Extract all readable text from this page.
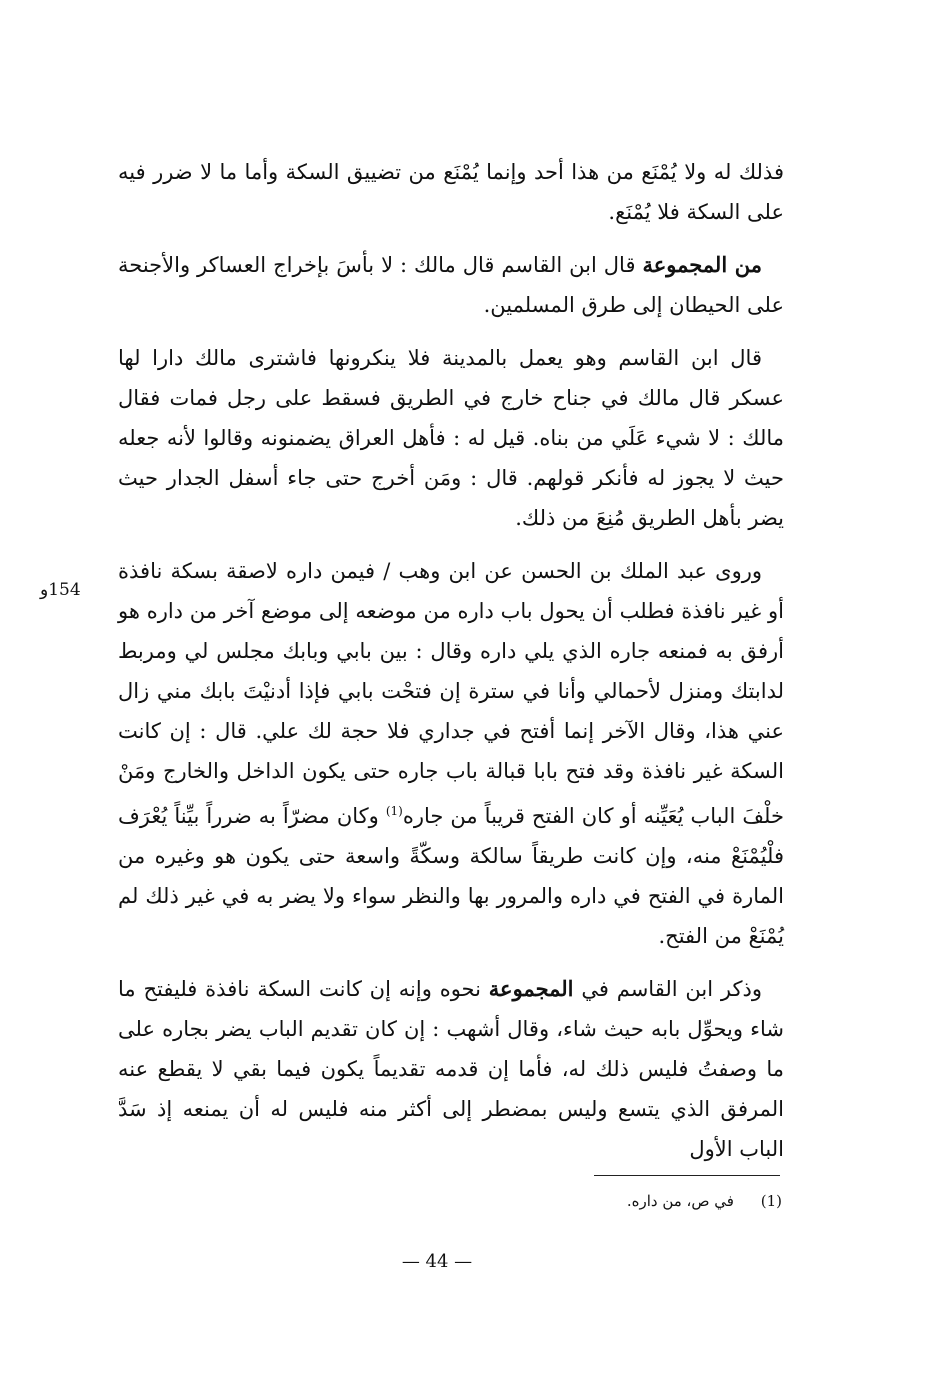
فذلك له ولا يُمْنَع من هذا أحد وإنما يُمْنَع من تضييق السكة وأما ما لا ضرر فيه على السكة فلا يُمْنَع.

من المجموعة قال ابن القاسم قال مالك : لا بأسَ بإخراج العساكر والأجنحة على الحيطان إلى طرق المسلمين.

قال ابن القاسم وهو يعمل بالمدينة فلا ينكرونها فاشترى مالك دارا لها عسكر قال مالك في جناح خارج في الطريق فسقط على رجل فمات فقال مالك : لا شيء عَلَي من بناه. قيل له : فأهل العراق يضمنونه وقالوا لأنه جعله حيث لا يجوز له فأنكر قولهم. قال : ومَن أخرج حتى جاء أسفل الجدار حيث يضر بأهل الطريق مُنِعَ من ذلك.

وروى عبد الملك بن الحسن عن ابن وهب / فيمن داره لاصقة بسكة نافذة أو غير نافذة فطلب أن يحول باب داره من موضعه إلى موضع آخر من داره هو أرفق به فمنعه جاره الذي يلي داره وقال : بين بابي وبابك مجلس لي ومربط لدابتك ومنزل لأحمالي وأنا في سترة إن فتحْت بابي فإذا أدنيْتَ بابك مني زال عني هذا، وقال الآخر إنما أفتح في جداري فلا حجة لك علي. قال : إن كانت السكة غير نافذة وقد فتح بابا قبالة باب جاره حتى يكون الداخل والخارج ومَنْ خلْفَ الباب يُعَيِّنه أو كان الفتح قريباً من جاره$^{(1)}$ وكان مضرّاً به ضرراً بيِّناً يُعْرَف فلْيُمْنَعْ منه، وإن كانت طريقاً سالكة وسكّةً واسعة حتى يكون هو وغيره من المارة في الفتح في داره والمرور بها والنظر سواء ولا يضر به في غير ذلك لم يُمْنَعْ من الفتح.

وذكر ابن القاسم في المجموعة نحوه وإنه إن كانت السكة نافذة فليفتح ما شاء ويحوِّل بابه حيث شاء، وقال أشهب : إن كان تقديم الباب يضر بجاره على ما وصفتُ فليس ذلك له، فأما إن قدمه تقديماً يكون فيما بقي لا يقطع عنه المرفق الذي يتسع وليس بمضطر إلى أكثر منه فليس له أن يمنعه إذ سَدَّ الباب الأول

154و
(1) في ص، من داره.
— 44 —
